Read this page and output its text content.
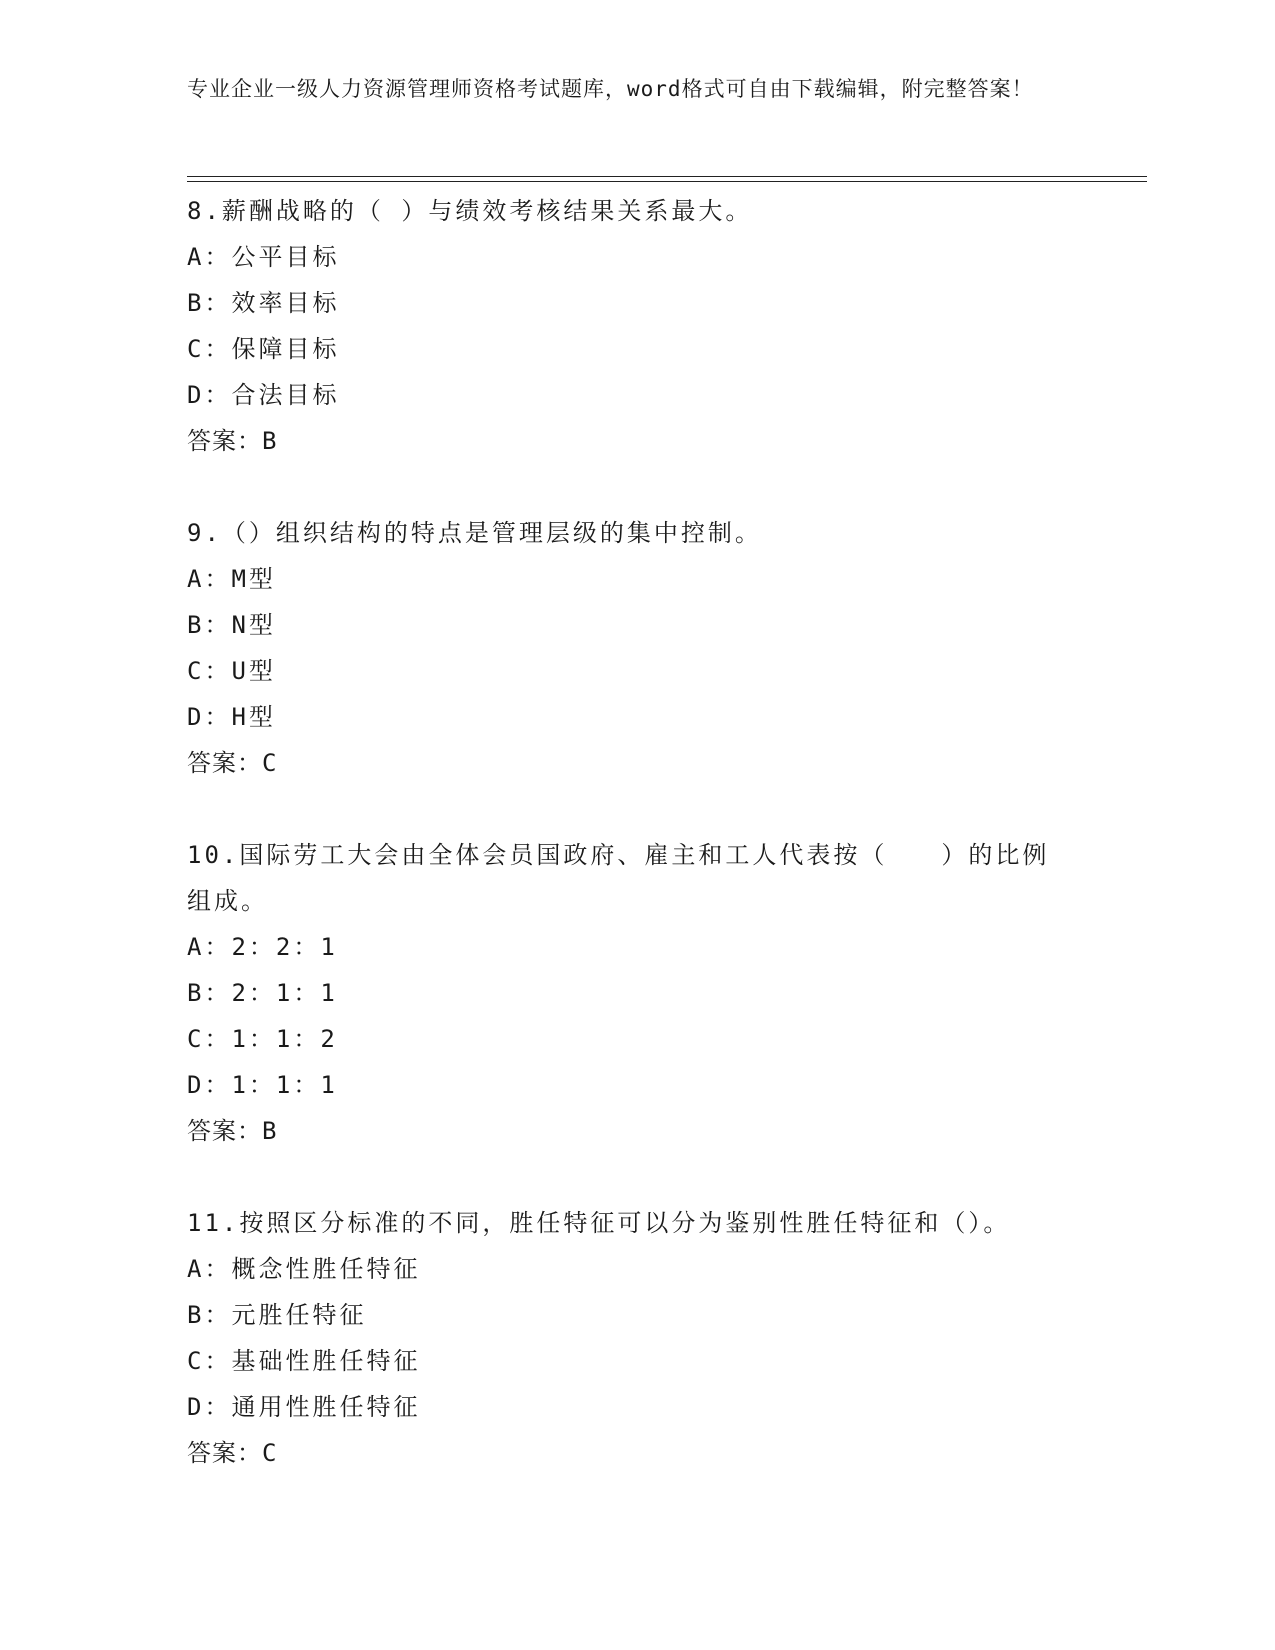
专业企业一级人力资源管理师资格考试题库，word格式可自由下载编辑，附完整答案！

8.薪酬战略的（ ）与绩效考核结果关系最大。

A：公平目标

B：效率目标

C：保障目标

D：合法目标

答案：B

9.（）组织结构的特点是管理层级的集中控制。

A：M型

B：N型

C：U型

D：H型

答案：C

10.国际劳工大会由全体会员国政府、雇主和工人代表按（　　）的比例组成。

A：2：2：1

B：2：1：1

C：1：1：2

D：1：1：1

答案：B

11.按照区分标准的不同，胜任特征可以分为鉴别性胜任特征和（）。

A：概念性胜任特征

B：元胜任特征

C：基础性胜任特征

D：通用性胜任特征

答案：C
